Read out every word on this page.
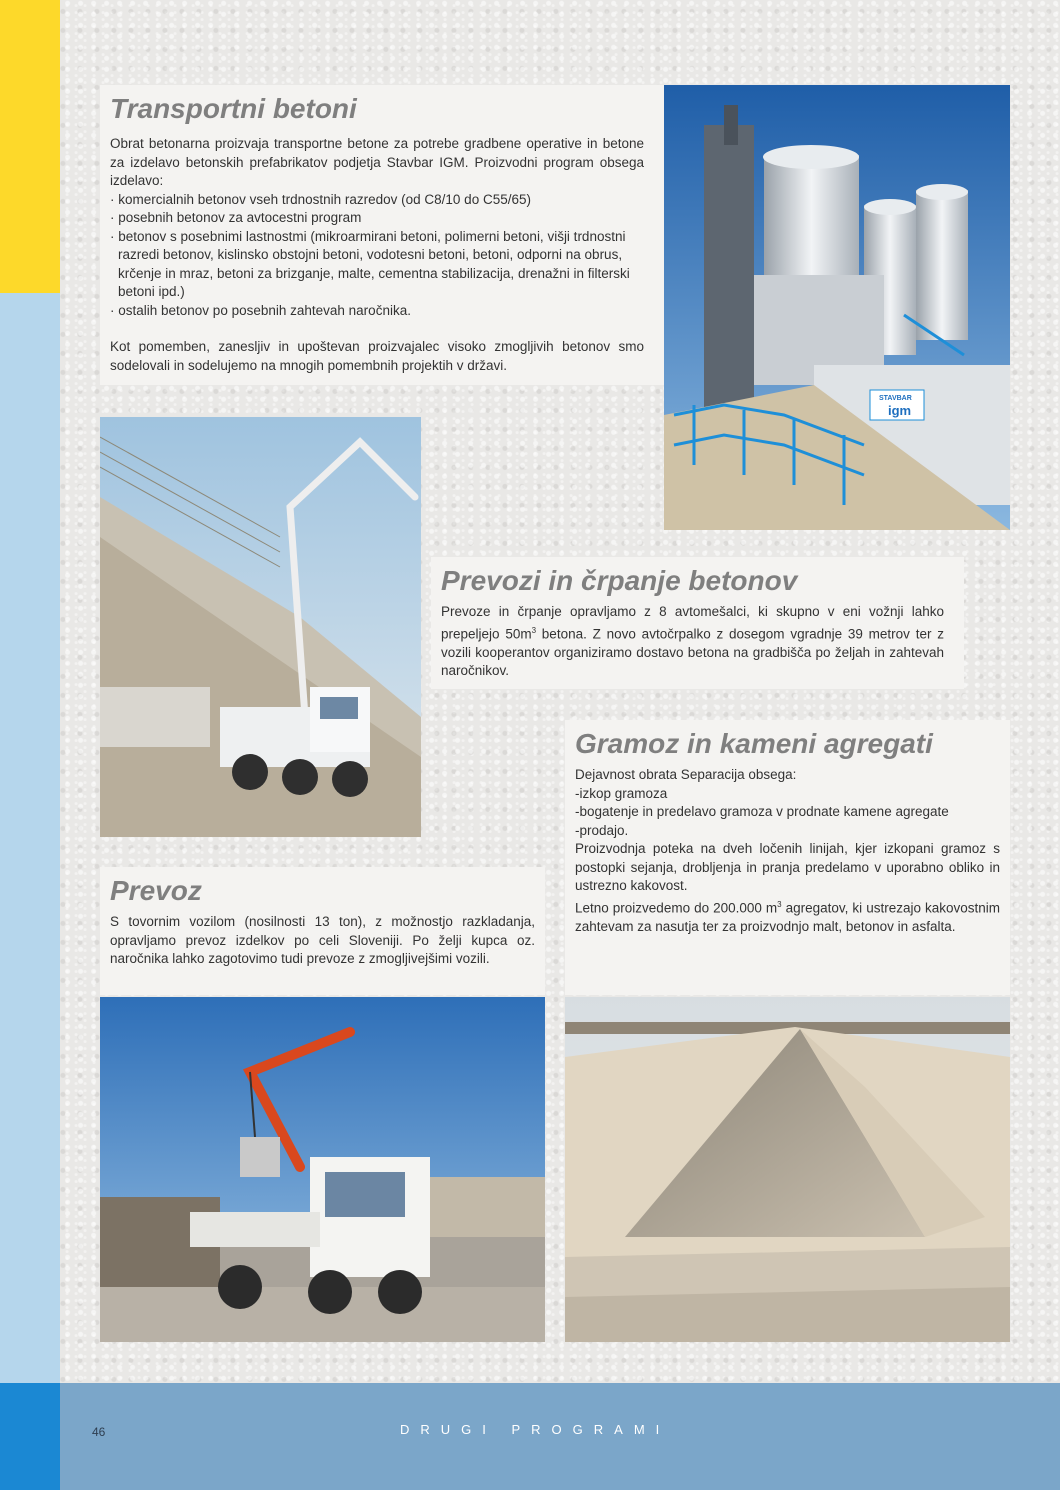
Transportni betoni

Obrat betonarna proizvaja transportne betone za potrebe gradbene operative in betone za izdelavo betonskih prefabrikatov podjetja Stavbar IGM. Proizvodni program obsega izdelavo:

· komercialnih betonov vseh trdnostnih razredov (od C8/10 do C55/65)
· posebnih betonov za avtocestni program
· betonov s posebnimi lastnostmi (mikroarmirani betoni, polimerni betoni, višji trdnostni razredi betonov, kislinsko obstojni betoni, vodotesni betoni, betoni, odporni na obrus, krčenje in mraz, betoni za brizganje, malte, cementna stabilizacija, drenažni in filterski betoni ipd.)
· ostalih betonov po posebnih zahtevah naročnika.

Kot pomemben, zanesljiv in upoštevan proizvajalec visoko zmogljivih betonov smo sodelovali in sodelujemo na mnogih pomembnih projektih v državi.

STAVBAR
igm
Prevozi in črpanje betonov

Prevoze in črpanje opravljamo z 8 avtomešalci, ki skupno v eni vožnji lahko prepeljejo $50m^3$ betona. Z novo avtočrpalko z dosegom vgradnje 39 metrov ter z vozili kooperantov organiziramo dostavo betona na gradbišča po željah in zahtevah naročnikov.

Gramoz in kameni agregati

Dejavnost obrata Separacija obsega:

-izkop gramoza
-bogatenje in predelavo gramoza v prodnate kamene agregate
-prodajo.

Proizvodnja poteka na dveh ločenih linijah, kjer izkopani gramoz s postopki sejanja, drobljenja in pranja predelamo v uporabno obliko in ustrezno kakovost.

Letno proizvedemo do 200.000 $m^3$ agregatov, ki ustrezajo kakovostnim zahtevam za nasutja ter za proizvodnjo malt, betonov in asfalta.

Prevoz

S tovornim vozilom (nosilnosti 13 ton), z možnostjo razkladanja, opravljamo prevoz izdelkov po celi Sloveniji. Po želji kupca oz. naročnika lahko zagotovimo tudi prevoze z zmogljivejšimi vozili.

46	DRUGI PROGRAMI
